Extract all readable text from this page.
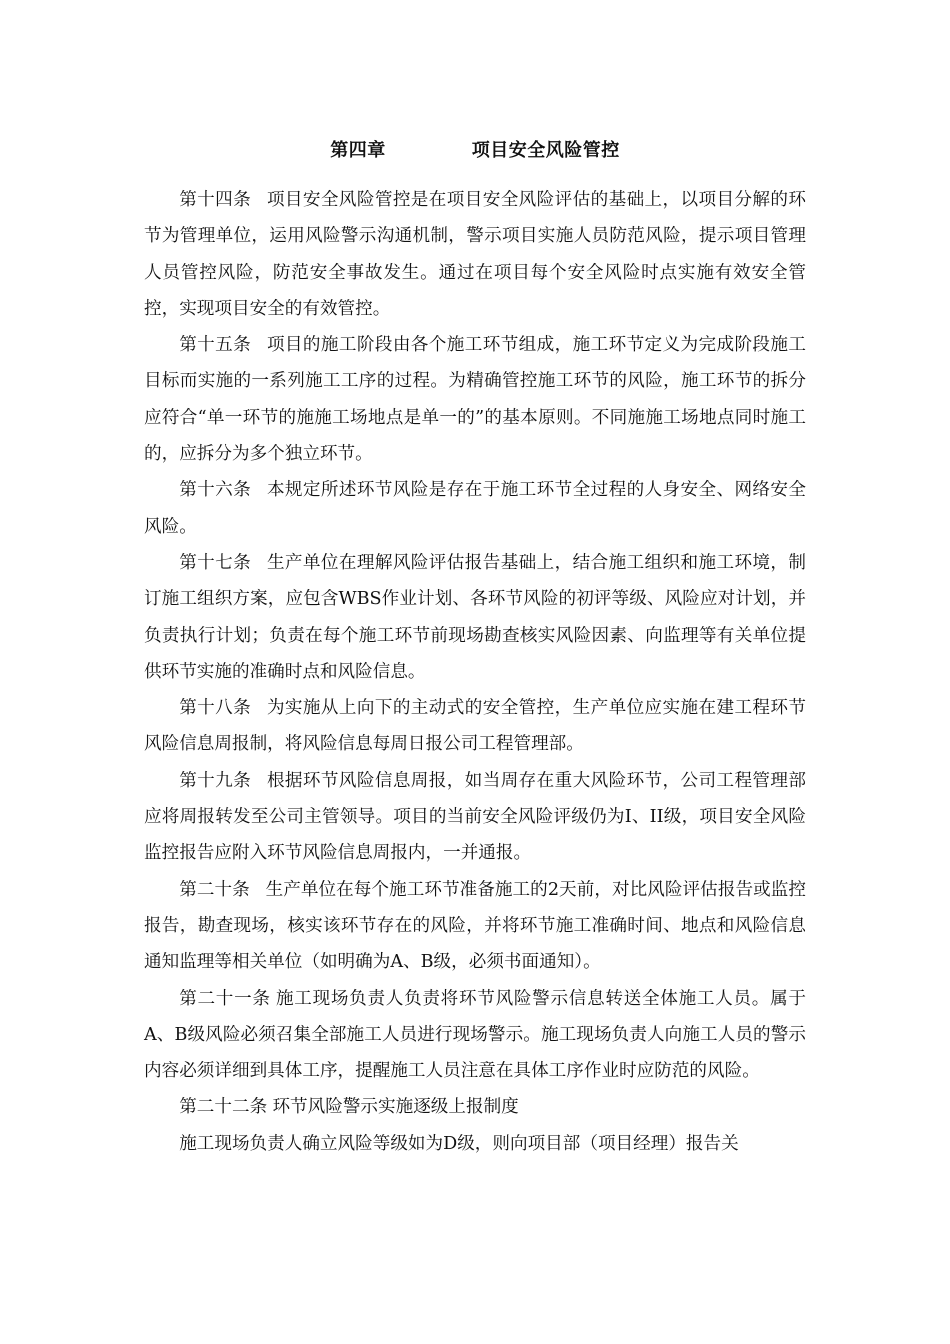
第四章	项目安全风险管控

第十四条 项目安全风险管控是在项目安全风险评估的基础上，以项目分解的环节为管理单位，运用风险警示沟通机制，警示项目实施人员防范风险，提示项目管理人员管控风险，防范安全事故发生。通过在项目每个安全风险时点实施有效安全管控，实现项目安全的有效管控。

第十五条 项目的施工阶段由各个施工环节组成，施工环节定义为完成阶段施工目标而实施的一系列施工工序的过程。为精确管控施工环节的风险，施工环节的拆分应符合“单一环节的施施工场地点是单一的”的基本原则。不同施施工场地点同时施工的，应拆分为多个独立环节。

第十六条 本规定所述环节风险是存在于施工环节全过程的人身安全、网络安全风险。

第十七条 生产单位在理解风险评估报告基础上，结合施工组织和施工环境，制订施工组织方案，应包含WBS作业计划、各环节风险的初评等级、风险应对计划，并负责执行计划；负责在每个施工环节前现场勘查核实风险因素、向监理等有关单位提供环节实施的准确时点和风险信息。

第十八条 为实施从上向下的主动式的安全管控，生产单位应实施在建工程环节风险信息周报制，将风险信息每周日报公司工程管理部。

第十九条 根据环节风险信息周报，如当周存在重大风险环节，公司工程管理部应将周报转发至公司主管领导。项目的当前安全风险评级仍为I、II级，项目安全风险监控报告应附入环节风险信息周报内，一并通报。

第二十条 生产单位在每个施工环节准备施工的2天前，对比风险评估报告或监控报告，勘查现场，核实该环节存在的风险，并将环节施工准确时间、地点和风险信息通知监理等相关单位（如明确为A、B级，必须书面通知）。

第二十一条 施工现场负责人负责将环节风险警示信息转送全体施工人员。属于A、B级风险必须召集全部施工人员进行现场警示。施工现场负责人向施工人员的警示内容必须详细到具体工序，提醒施工人员注意在具体工序作业时应防范的风险。

第二十二条 环节风险警示实施逐级上报制度

施工现场负责人确立风险等级如为D级，则向项目部（项目经理）报告关
